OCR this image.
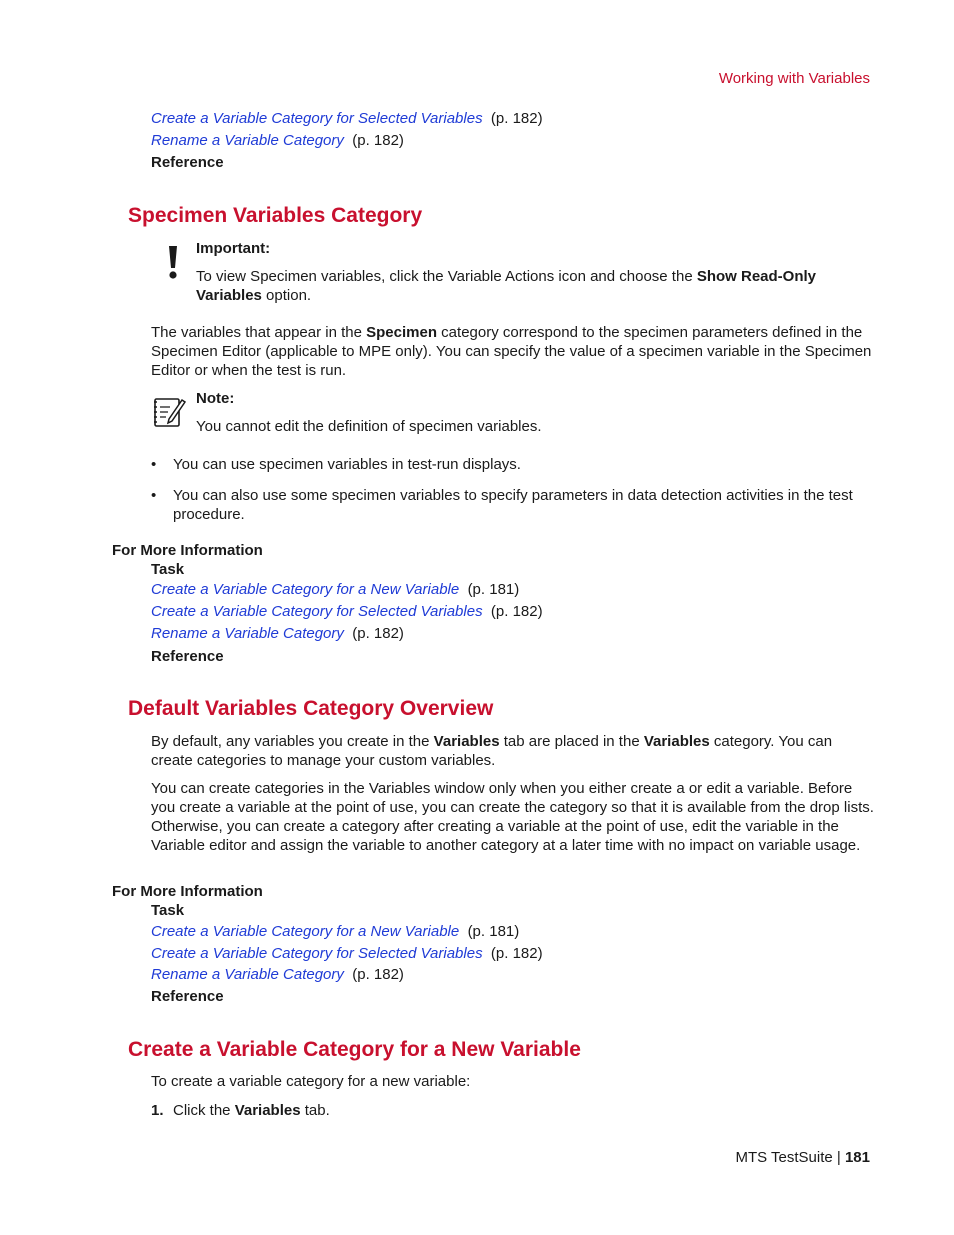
Working with Variables
Create a Variable Category for Selected Variables (p. 182)
Rename a Variable Category (p. 182)
Reference
Specimen Variables Category
Important:
To view Specimen variables, click the Variable Actions icon and choose the Show Read-Only
Variables option.

The variables that appear in the Specimen category correspond to the specimen parameters defined in the Specimen Editor (applicable to MPE only). You can specify the value of a specimen variable in the Specimen Editor or when the test is run.

Note:
You cannot edit the definition of specimen variables.
• You can use specimen variables in test-run displays.
• You can also use some specimen variables to specify parameters in data detection activities in the test procedure.
For More Information
Task
Create a Variable Category for a New Variable (p. 181)
Create a Variable Category for Selected Variables (p. 182)
Rename a Variable Category (p. 182)
Reference
Default Variables Category Overview

By default, any variables you create in the Variables tab are placed in the Variables category. You can create categories to manage your custom variables.

You can create categories in the Variables window only when you either create a or edit a variable. Before you create a variable at the point of use, you can create the category so that it is available from the drop lists. Otherwise, you can create a category after creating a variable at the point of use, edit the variable in the Variable editor and assign the variable to another category at a later time with no impact on variable usage.

For More Information
Task
Create a Variable Category for a New Variable (p. 181)
Create a Variable Category for Selected Variables (p. 182)
Rename a Variable Category (p. 182)
Reference
Create a Variable Category for a New Variable
To create a variable category for a new variable:
1. Click the Variables tab.
MTS TestSuite | 181
